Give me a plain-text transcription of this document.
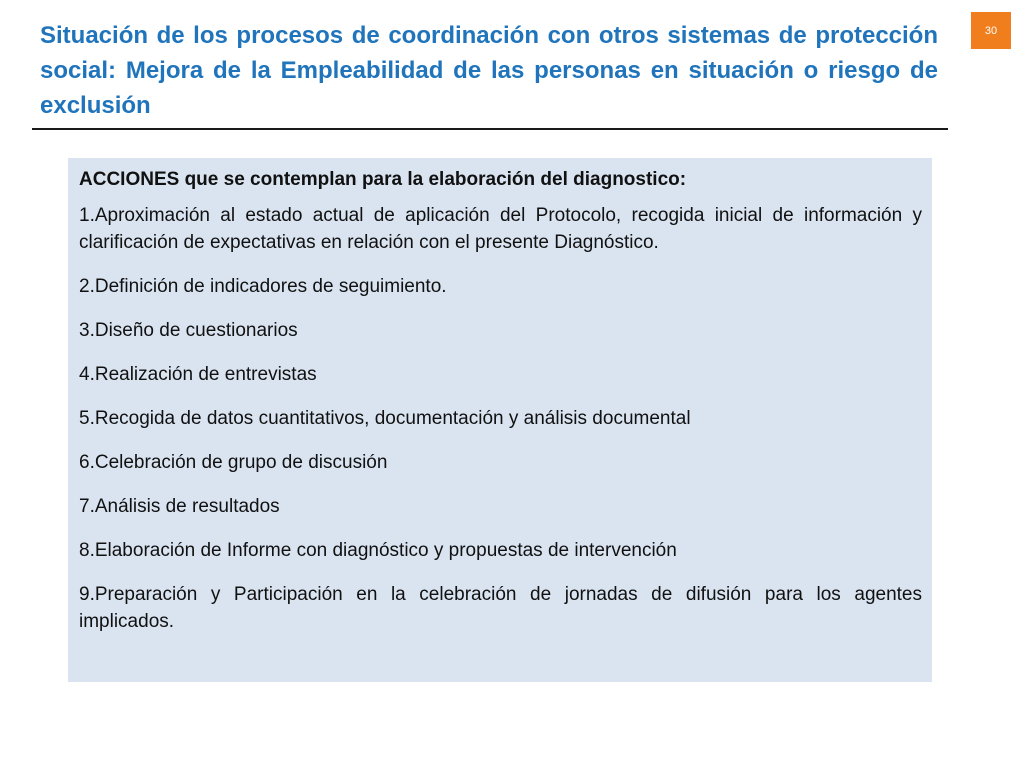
Situación de los procesos de coordinación con otros sistemas de protección social: Mejora de la Empleabilidad de las personas en situación o riesgo de exclusión
30

ACCIONES que se contemplan para la elaboración del diagnostico:

1.Aproximación al estado actual de aplicación del Protocolo, recogida inicial de información y clarificación de expectativas en relación con el presente Diagnóstico.
2.Definición de indicadores de seguimiento.
3.Diseño de cuestionarios
4.Realización de entrevistas
5.Recogida de datos cuantitativos, documentación y análisis documental
6.Celebración de grupo de discusión
7.Análisis de resultados
8.Elaboración de Informe con diagnóstico y propuestas de intervención
9.Preparación y Participación en la celebración de jornadas de difusión para los agentes implicados.
